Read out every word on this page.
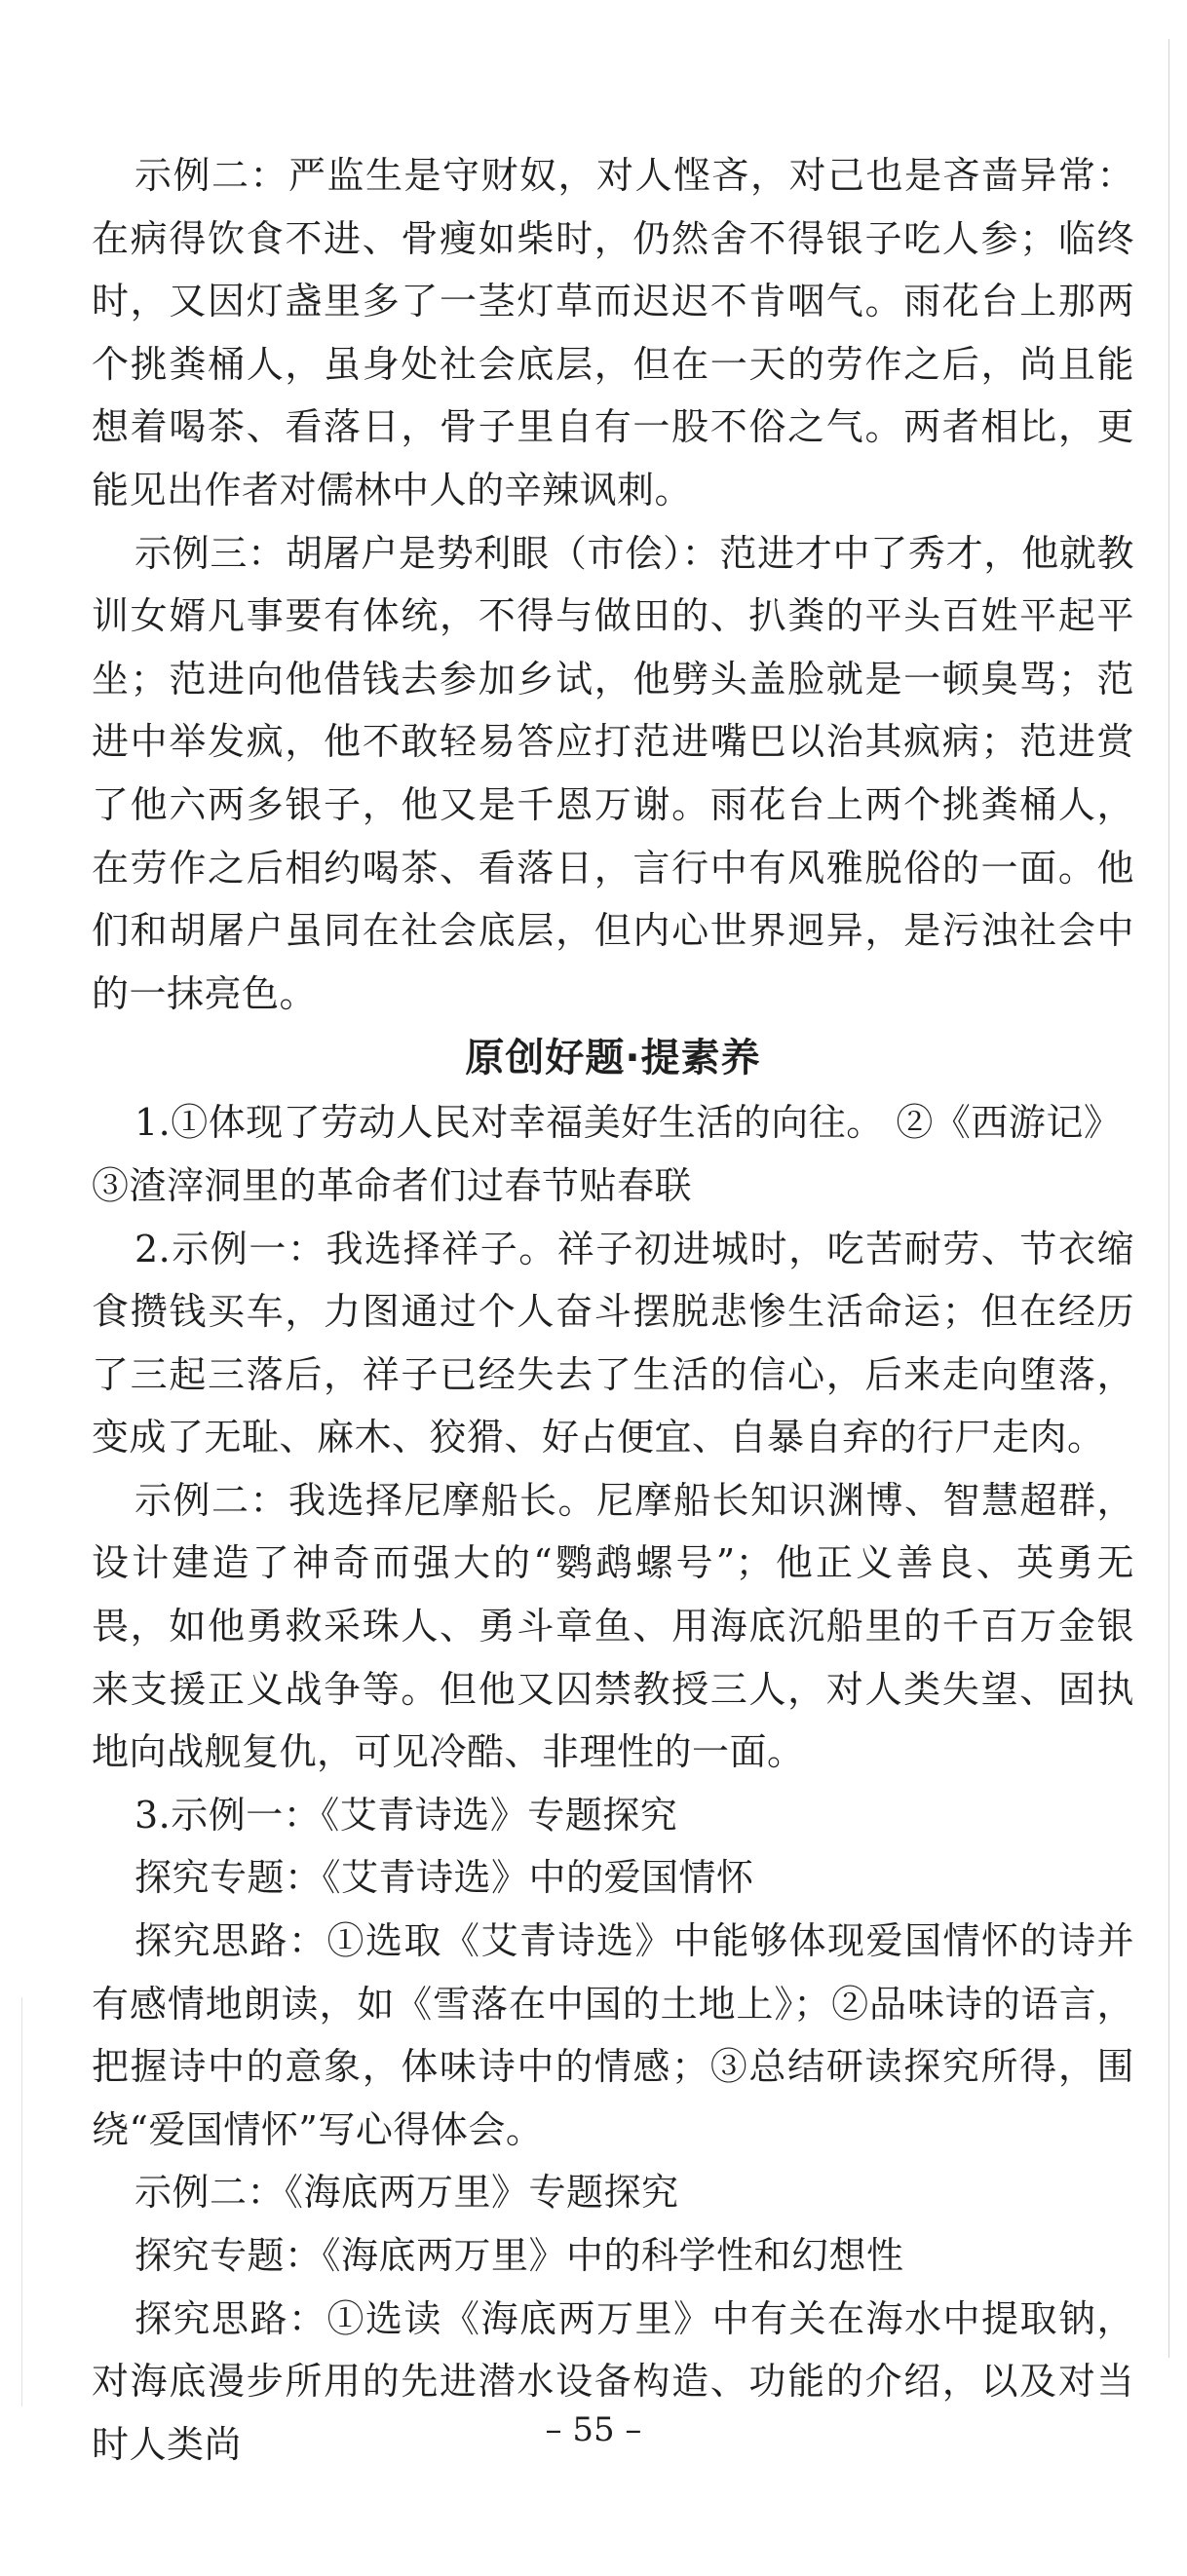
示例二：严监生是守财奴，对人悭吝，对己也是吝啬异常：在病得饮食不进、骨瘦如柴时，仍然舍不得银子吃人参；临终时，又因灯盏里多了一茎灯草而迟迟不肯咽气。雨花台上那两个挑粪桶人，虽身处社会底层，但在一天的劳作之后，尚且能想着喝茶、看落日，骨子里自有一股不俗之气。两者相比，更能见出作者对儒林中人的辛辣讽刺。

示例三：胡屠户是势利眼（市侩）：范进才中了秀才，他就教训女婿凡事要有体统，不得与做田的、扒粪的平头百姓平起平坐；范进向他借钱去参加乡试，他劈头盖脸就是一顿臭骂；范进中举发疯，他不敢轻易答应打范进嘴巴以治其疯病；范进赏了他六两多银子，他又是千恩万谢。雨花台上两个挑粪桶人，在劳作之后相约喝茶、看落日，言行中有风雅脱俗的一面。他们和胡屠户虽同在社会底层，但内心世界迥异，是污浊社会中的一抹亮色。

原创好题·提素养

1.①体现了劳动人民对幸福美好生活的向往。 ②《西游记》

③渣滓洞里的革命者们过春节贴春联

2.示例一：我选择祥子。祥子初进城时，吃苦耐劳、节衣缩食攒钱买车，力图通过个人奋斗摆脱悲惨生活命运；但在经历了三起三落后，祥子已经失去了生活的信心，后来走向堕落，变成了无耻、麻木、狡猾、好占便宜、自暴自弃的行尸走肉。

示例二：我选择尼摩船长。尼摩船长知识渊博、智慧超群，设计建造了神奇而强大的“鹦鹉螺号”；他正义善良、英勇无畏，如他勇救采珠人、勇斗章鱼、用海底沉船里的千百万金银来支援正义战争等。但他又囚禁教授三人，对人类失望、固执地向战舰复仇，可见冷酷、非理性的一面。

3.示例一：《艾青诗选》专题探究

探究专题：《艾青诗选》中的爱国情怀

探究思路：①选取《艾青诗选》中能够体现爱国情怀的诗并有感情地朗读，如《雪落在中国的土地上》；②品味诗的语言，把握诗中的意象，体味诗中的情感；③总结研读探究所得，围绕“爱国情怀”写心得体会。

示例二：《海底两万里》专题探究

探究专题：《海底两万里》中的科学性和幻想性

探究思路：①选读《海底两万里》中有关在海水中提取钠，对海底漫步所用的先进潜水设备构造、功能的介绍，以及对当时人类尚	– 55 –
